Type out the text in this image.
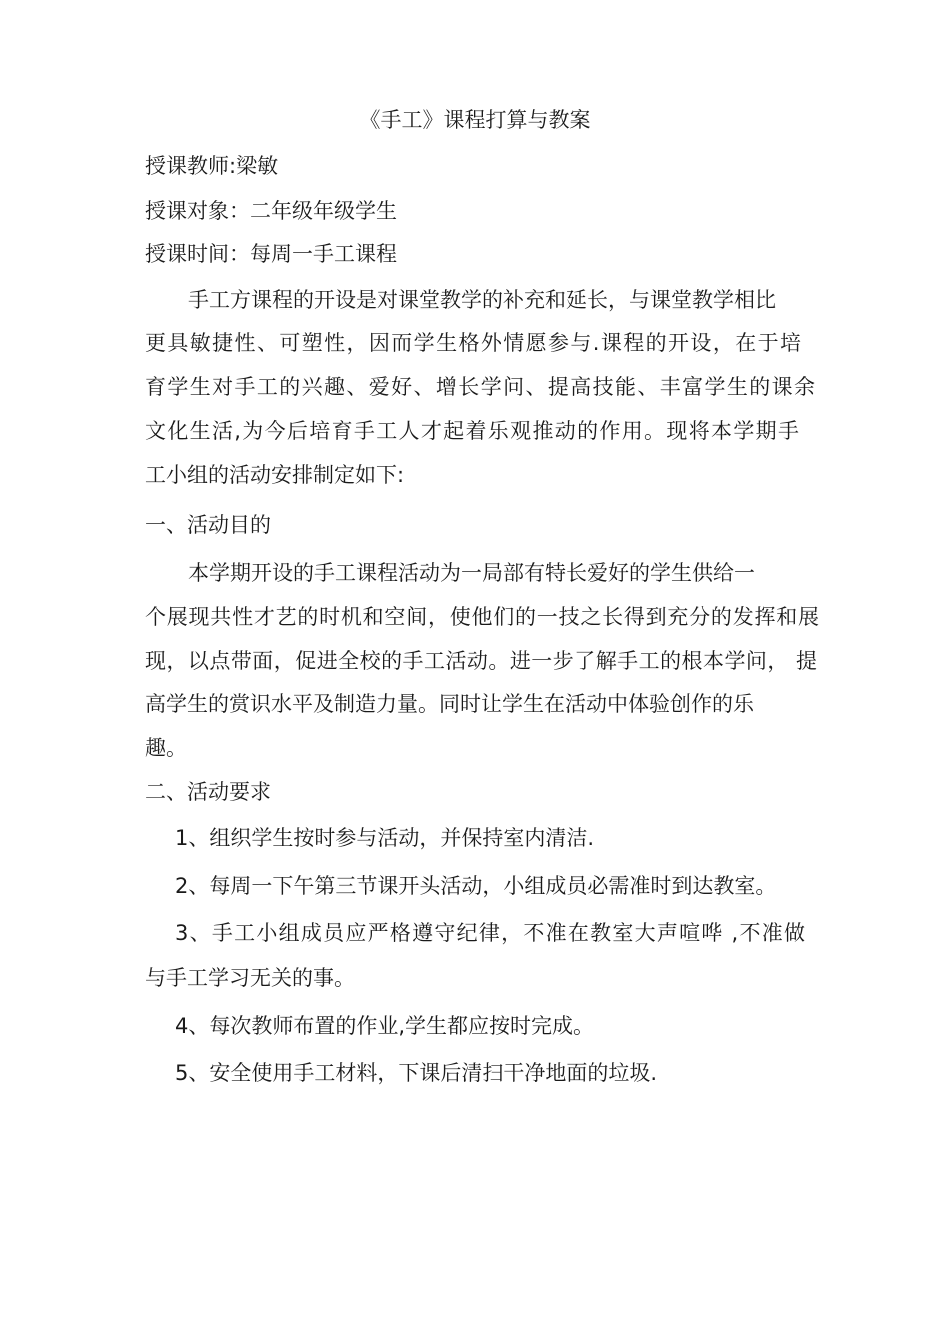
《手工》课程打算与教案
授课教师:梁敏
授课对象：二年级年级学生
授课时间：每周一手工课程
手工方课程的开设是对课堂教学的补充和延长，与课堂教学相比
更具敏捷性、可塑性，因而学生格外情愿参与.课程的开设，在于培
育学生对手工的兴趣、爱好、增长学问、提高技能、丰富学生的课余
文化生活,为今后培育手工人才起着乐观推动的作用。现将本学期手
工小组的活动安排制定如下:
一、活动目的
本学期开设的手工课程活动为一局部有特长爱好的学生供给一
个展现共性才艺的时机和空间，使他们的一技之长得到充分的发挥和展
现，以点带面，促进全校的手工活动。进一步了解手工的根本学问， 提
高学生的赏识水平及制造力量。同时让学生在活动中体验创作的乐
趣。
二、活动要求
1、组织学生按时参与活动，并保持室内清洁.
2、每周一下午第三节课开头活动，小组成员必需准时到达教室。
3、手工小组成员应严格遵守纪律，不准在教室大声喧哗 ,不准做
与手工学习无关的事。
4、每次教师布置的作业,学生都应按时完成。
5、安全使用手工材料，下课后清扫干净地面的垃圾.
